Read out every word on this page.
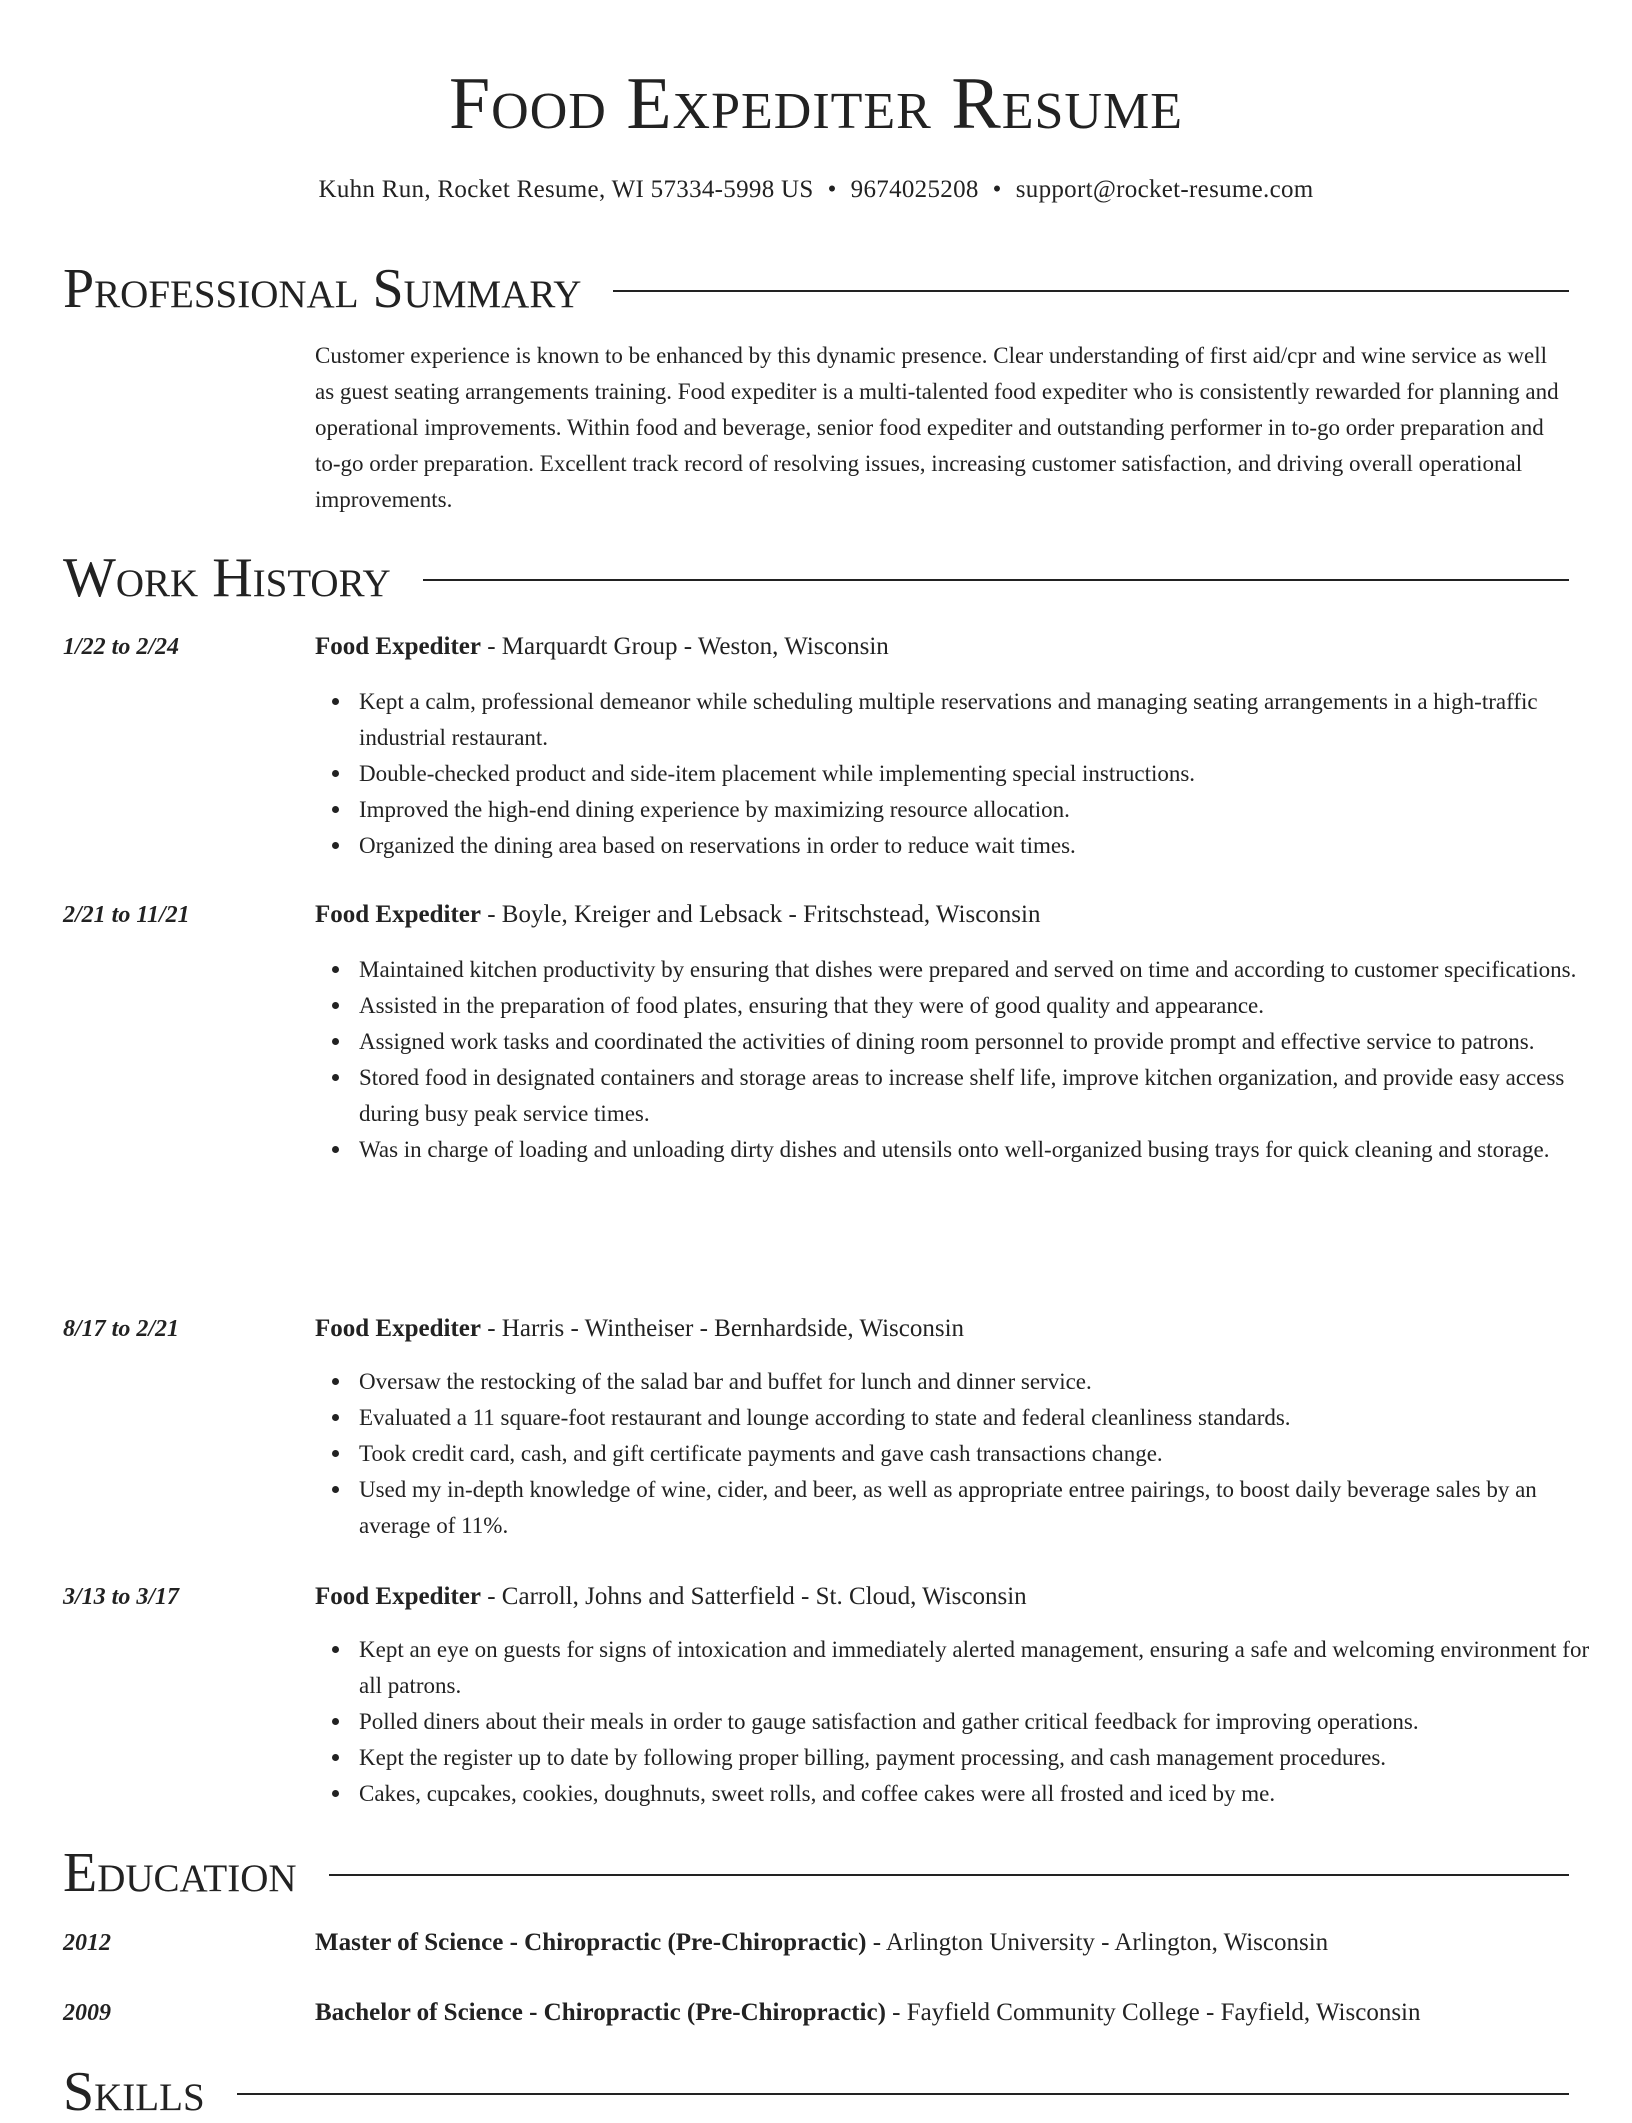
Food Expediter Resume
Kuhn Run, Rocket Resume, WI 57334-5998 US • 9674025208 • support@rocket-resume.com
Professional Summary

Customer experience is known to be enhanced by this dynamic presence. Clear understanding of first aid/cpr and wine service as well as guest seating arrangements training. Food expediter is a multi-talented food expediter who is consistently rewarded for planning and operational improvements. Within food and beverage, senior food expediter and outstanding performer in to-go order preparation and to-go order preparation. Excellent track record of resolving issues, increasing customer satisfaction, and driving overall operational improvements.

Work History
1/22 to 2/24	Food Expediter - Marquardt Group - Weston, Wisconsin
Kept a calm, professional demeanor while scheduling multiple reservations and managing seating arrangements in a high-traffic industrial restaurant.
Double-checked product and side-item placement while implementing special instructions.
Improved the high-end dining experience by maximizing resource allocation.
Organized the dining area based on reservations in order to reduce wait times.
2/21 to 11/21	Food Expediter - Boyle, Kreiger and Lebsack - Fritschstead, Wisconsin
Maintained kitchen productivity by ensuring that dishes were prepared and served on time and according to customer specifications.
Assisted in the preparation of food plates, ensuring that they were of good quality and appearance.
Assigned work tasks and coordinated the activities of dining room personnel to provide prompt and effective service to patrons.
Stored food in designated containers and storage areas to increase shelf life, improve kitchen organization, and provide easy access during busy peak service times.
Was in charge of loading and unloading dirty dishes and utensils onto well-organized busing trays for quick cleaning and storage.
8/17 to 2/21	Food Expediter - Harris - Wintheiser - Bernhardside, Wisconsin
Oversaw the restocking of the salad bar and buffet for lunch and dinner service.
Evaluated a 11 square-foot restaurant and lounge according to state and federal cleanliness standards.
Took credit card, cash, and gift certificate payments and gave cash transactions change.
Used my in-depth knowledge of wine, cider, and beer, as well as appropriate entree pairings, to boost daily beverage sales by an average of 11%.
3/13 to 3/17	Food Expediter - Carroll, Johns and Satterfield - St. Cloud, Wisconsin
Kept an eye on guests for signs of intoxication and immediately alerted management, ensuring a safe and welcoming environment for all patrons.
Polled diners about their meals in order to gauge satisfaction and gather critical feedback for improving operations.
Kept the register up to date by following proper billing, payment processing, and cash management procedures.
Cakes, cupcakes, cookies, doughnuts, sweet rolls, and coffee cakes were all frosted and iced by me.
Education
2012	Master of Science - Chiropractic (Pre-Chiropractic) - Arlington University - Arlington, Wisconsin
2009	Bachelor of Science - Chiropractic (Pre-Chiropractic) - Fayfield Community College - Fayfield, Wisconsin
Skills
